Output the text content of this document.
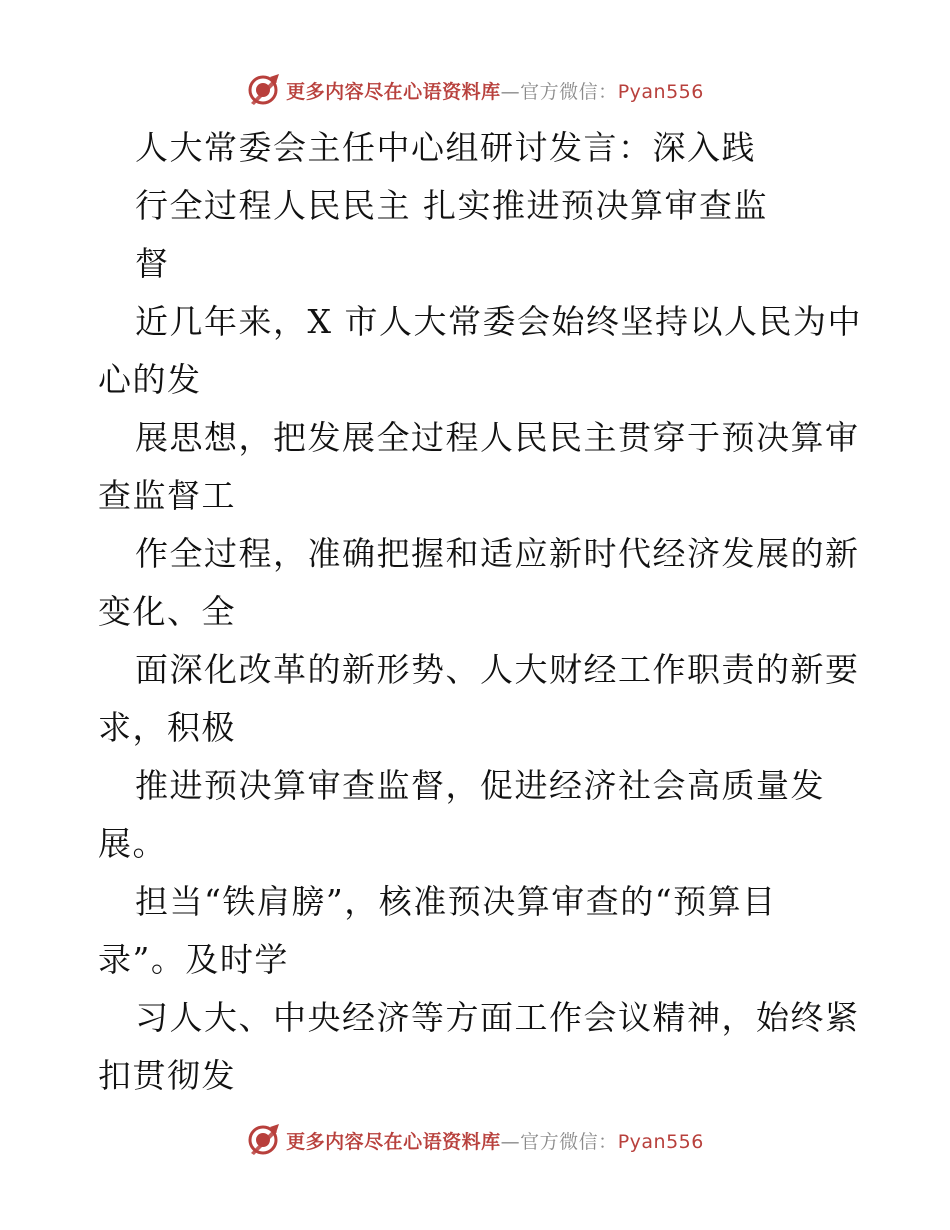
更多内容尽在心语资料库—官方微信：Pyan556
人大常委会主任中心组研讨发言：深入践
行全过程人民民主 扎实推进预决算审查监
督
近几年来，X 市人大常委会始终坚持以人民为中
心的发
展思想，把发展全过程人民民主贯穿于预决算审
查监督工
作全过程，准确把握和适应新时代经济发展的新
变化、全
面深化改革的新形势、人大财经工作职责的新要
求，积极
推进预决算审查监督，促进经济社会高质量发
展。
担当“铁肩膀”，核准预决算审查的“预算目
录”。及时学
习人大、中央经济等方面工作会议精神，始终紧
扣贯彻发
更多内容尽在心语资料库—官方微信：Pyan556
